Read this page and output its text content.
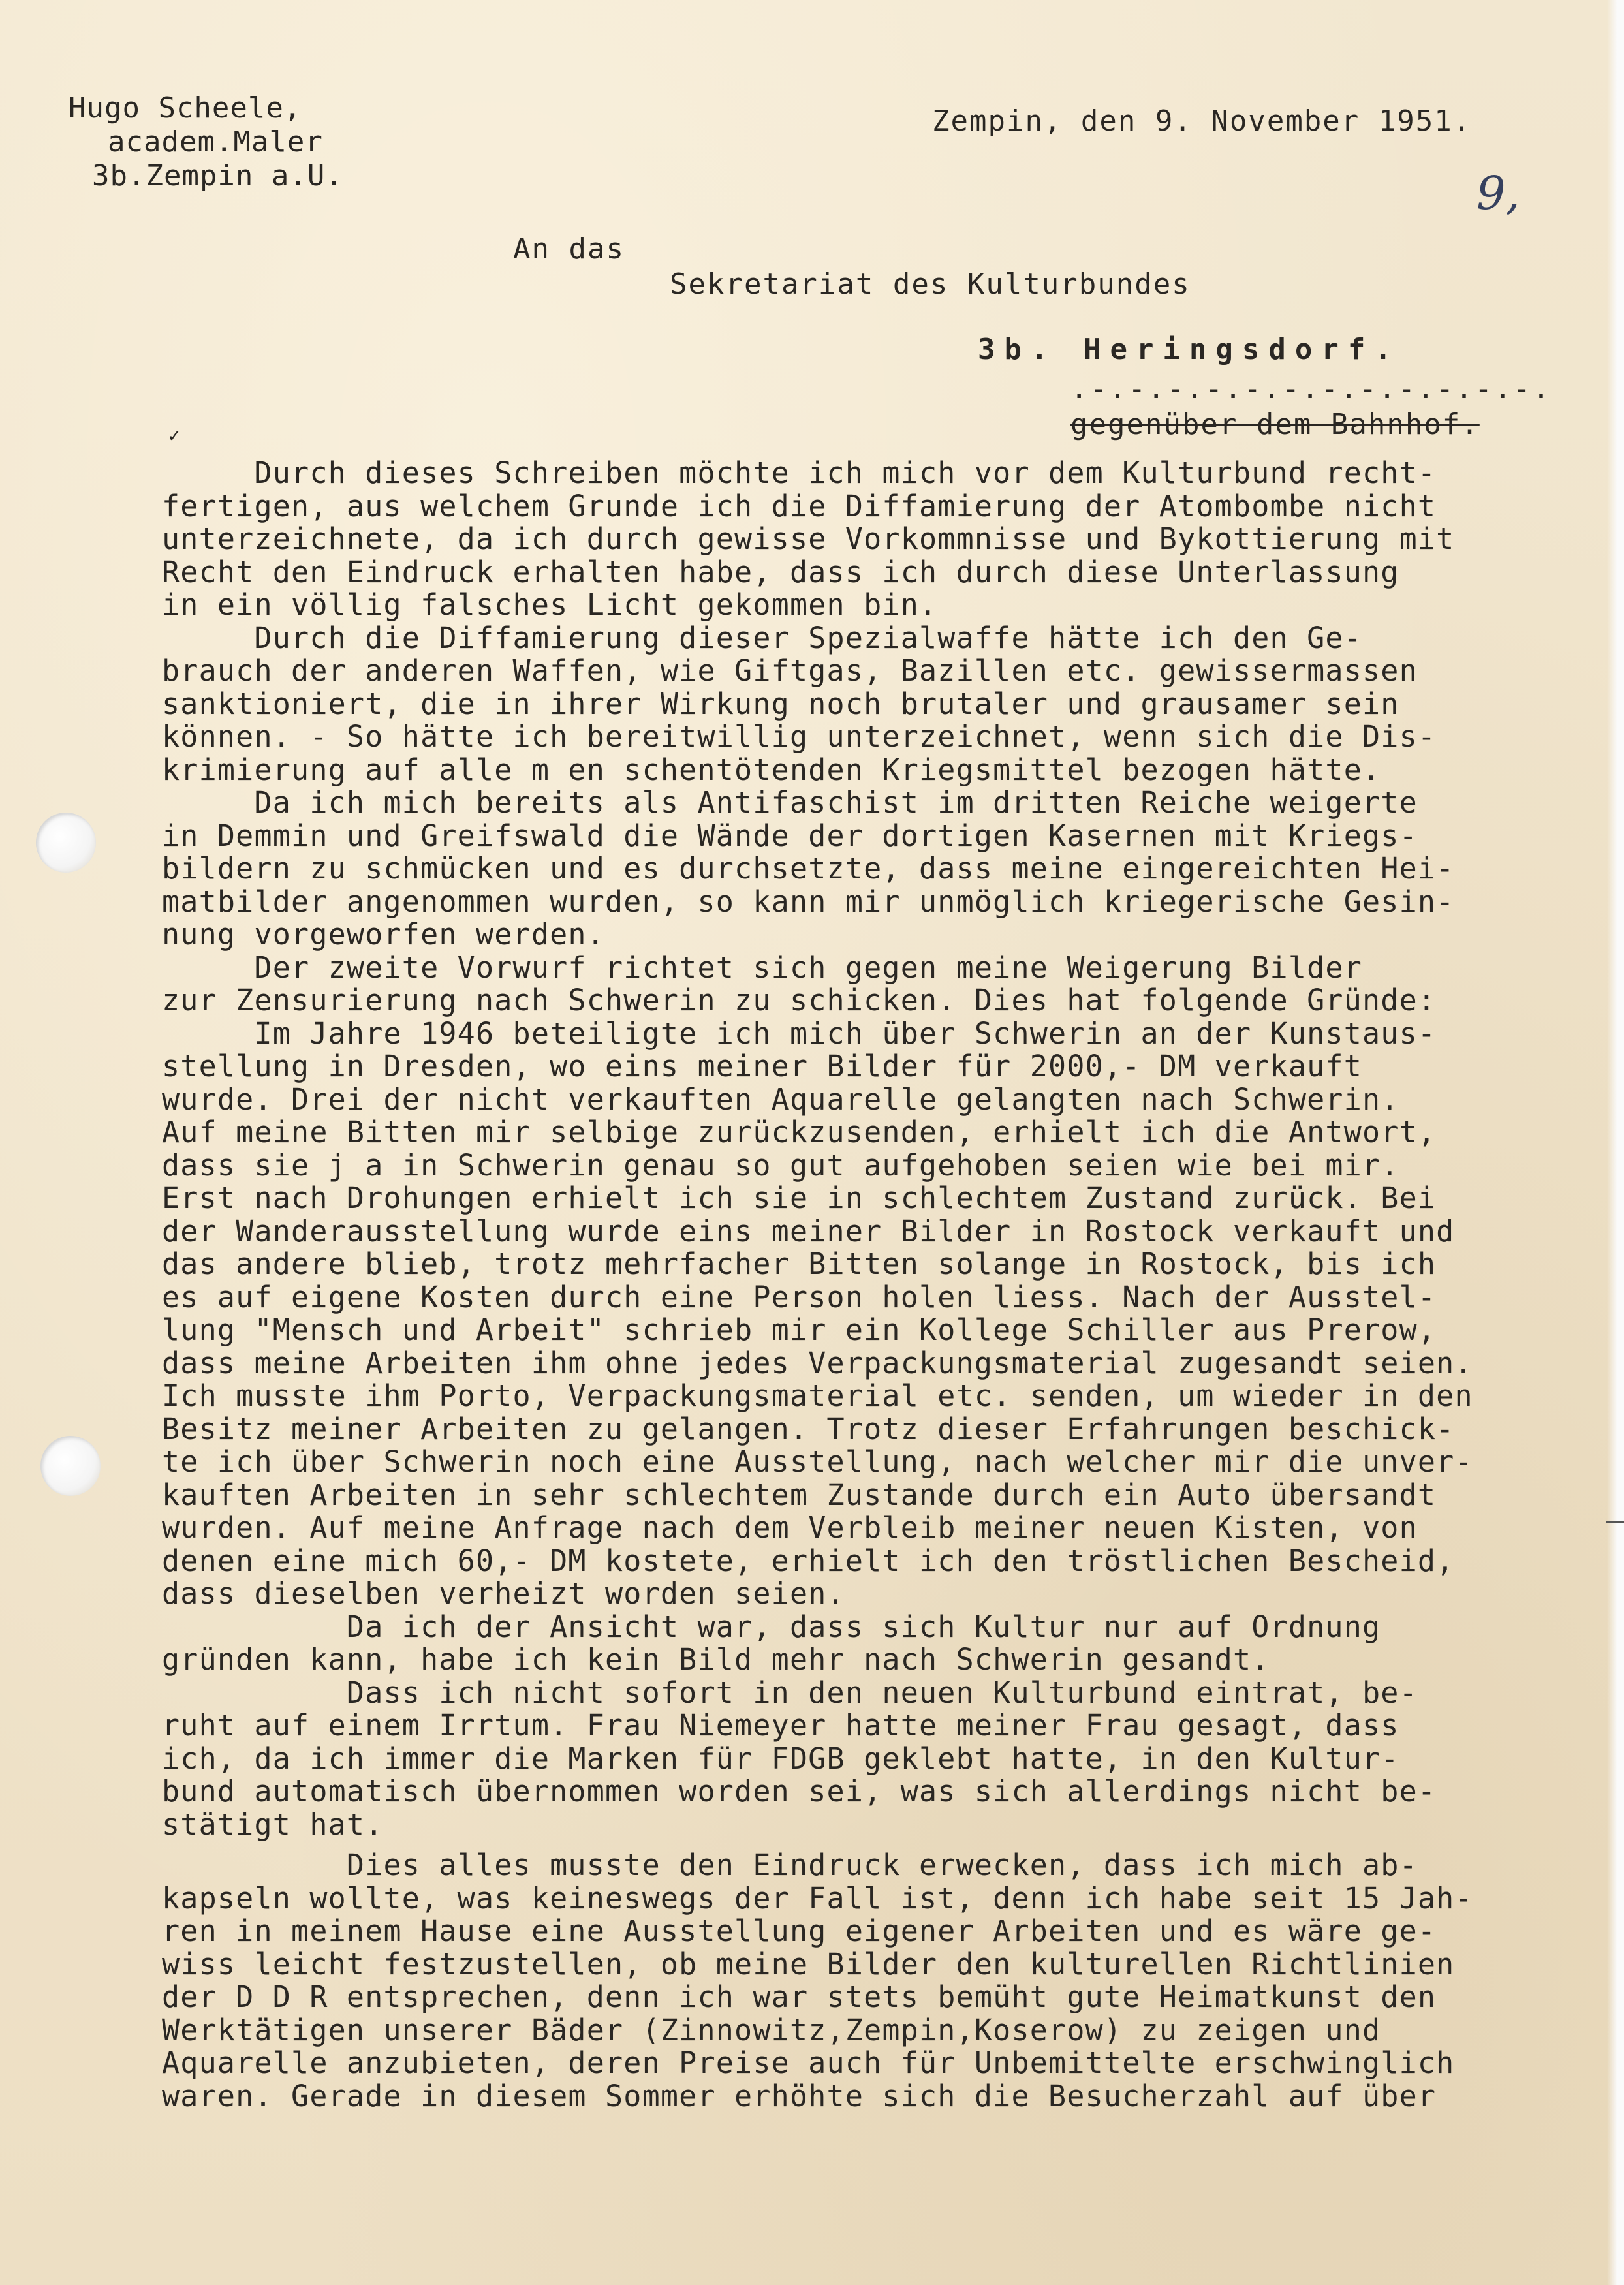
Hugo Scheele,
academ.Maler
3b.Zempin a.U.
Zempin, den 9. November 1951.
9,
An das
Sekretariat des Kulturbundes
3b. Heringsdorf.
.-.-.-.-.-.-.-.-.-.-.-.-.
gegenüber dem Bahnhof.
✓
Durch dieses Schreiben möchte ich mich vor dem Kulturbund recht-
fertigen, aus welchem Grunde ich die Diffamierung der Atombombe nicht
unterzeichnete, da ich durch gewisse Vorkommnisse und Bykottierung mit
Recht den Eindruck erhalten habe, dass ich durch diese Unterlassung
in ein völlig falsches Licht gekommen bin.
Durch die Diffamierung dieser Spezialwaffe hätte ich den Ge-
brauch der anderen Waffen, wie Giftgas, Bazillen etc. gewissermassen
sanktioniert, die in ihrer Wirkung noch brutaler und grausamer sein
können. - So hätte ich bereitwillig unterzeichnet, wenn sich die Dis-
krimierung auf alle m en schentötenden Kriegsmittel bezogen hätte.
Da ich mich bereits als Antifaschist im dritten Reiche weigerte
in Demmin und Greifswald die Wände der dortigen Kasernen mit Kriegs-
bildern zu schmücken und es durchsetzte, dass meine eingereichten Hei-
matbilder angenommen wurden, so kann mir unmöglich kriegerische Gesin-
nung vorgeworfen werden.
Der zweite Vorwurf richtet sich gegen meine Weigerung Bilder
zur Zensurierung nach Schwerin zu schicken. Dies hat folgende Gründe:
Im Jahre 1946 beteiligte ich mich über Schwerin an der Kunstaus-
stellung in Dresden, wo eins meiner Bilder für 2000,- DM verkauft
wurde. Drei der nicht verkauften Aquarelle gelangten nach Schwerin.
Auf meine Bitten mir selbige zurückzusenden, erhielt ich die Antwort,
dass sie j a in Schwerin genau so gut aufgehoben seien wie bei mir.
Erst nach Drohungen erhielt ich sie in schlechtem Zustand zurück. Bei
der Wanderausstellung wurde eins meiner Bilder in Rostock verkauft und
das andere blieb, trotz mehrfacher Bitten solange in Rostock, bis ich
es auf eigene Kosten durch eine Person holen liess. Nach der Ausstel-
lung "Mensch und Arbeit" schrieb mir ein Kollege Schiller aus Prerow,
dass meine Arbeiten ihm ohne jedes Verpackungsmaterial zugesandt seien.
Ich musste ihm Porto, Verpackungsmaterial etc. senden, um wieder in den
Besitz meiner Arbeiten zu gelangen. Trotz dieser Erfahrungen beschick-
te ich über Schwerin noch eine Ausstellung, nach welcher mir die unver-
kauften Arbeiten in sehr schlechtem Zustande durch ein Auto übersandt
wurden. Auf meine Anfrage nach dem Verbleib meiner neuen Kisten, von
denen eine mich 60,- DM kostete, erhielt ich den tröstlichen Bescheid,
dass dieselben verheizt worden seien.
Da ich der Ansicht war, dass sich Kultur nur auf Ordnung
gründen kann, habe ich kein Bild mehr nach Schwerin gesandt.
Dass ich nicht sofort in den neuen Kulturbund eintrat, be-
ruht auf einem Irrtum. Frau Niemeyer hatte meiner Frau gesagt, dass
ich, da ich immer die Marken für FDGB geklebt hatte, in den Kultur-
bund automatisch übernommen worden sei, was sich allerdings nicht be-
stätigt hat.

Dies alles musste den Eindruck erwecken, dass ich mich ab-
kapseln wollte, was keineswegs der Fall ist, denn ich habe seit 15 Jah-
ren in meinem Hause eine Ausstellung eigener Arbeiten und es wäre ge-
wiss leicht festzustellen, ob meine Bilder den kulturellen Richtlinien
der D D R entsprechen, denn ich war stets bemüht gute Heimatkunst den
Werktätigen unserer Bäder (Zinnowitz,Zempin,Koserow) zu zeigen und
Aquarelle anzubieten, deren Preise auch für Unbemittelte erschwinglich
waren. Gerade in diesem Sommer erhöhte sich die Besucherzahl auf über
